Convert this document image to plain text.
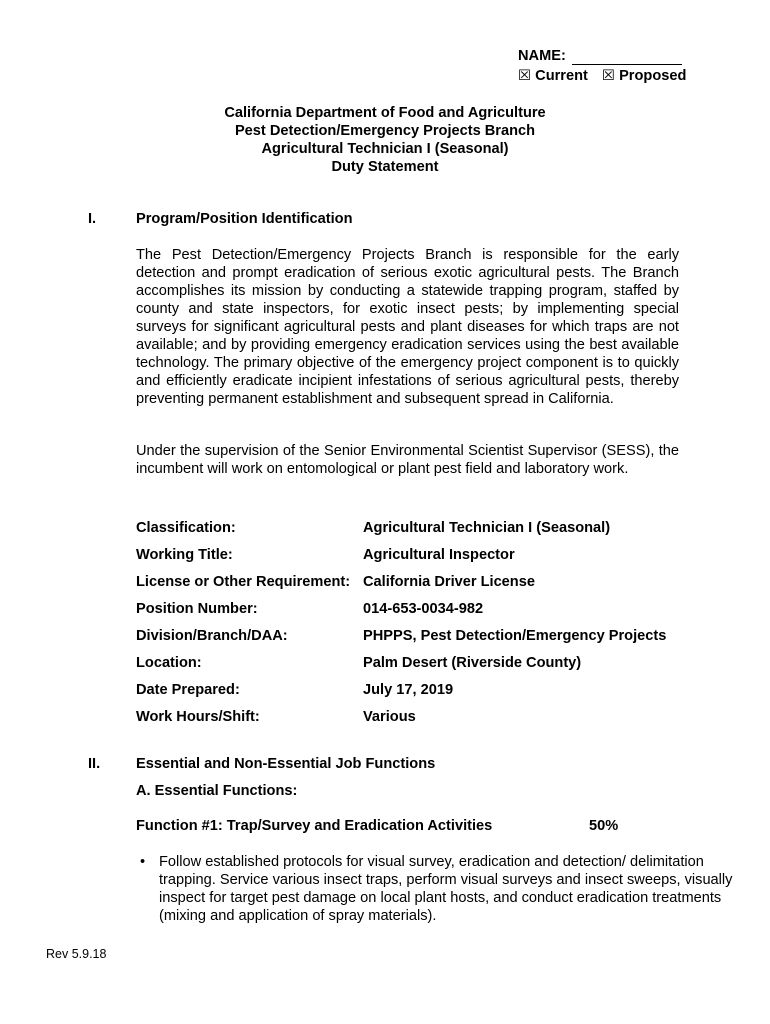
NAME:
☒ Current ☒ Proposed
California Department of Food and Agriculture
Pest Detection/Emergency Projects Branch
Agricultural Technician I (Seasonal)
Duty Statement
I.	Program/Position Identification
The Pest Detection/Emergency Projects Branch is responsible for the early detection and prompt eradication of serious exotic agricultural pests. The Branch accomplishes its mission by conducting a statewide trapping program, staffed by county and state inspectors, for exotic insect pests; by implementing special surveys for significant agricultural pests and plant diseases for which traps are not available; and by providing emergency eradication services using the best available technology. The primary objective of the emergency project component is to quickly and efficiently eradicate incipient infestations of serious agricultural pests, thereby preventing permanent establishment and subsequent spread in California.
Under the supervision of the Senior Environmental Scientist Supervisor (SESS), the incumbent will work on entomological or plant pest field and laboratory work.
Classification:	Agricultural Technician I (Seasonal)
Working Title:	Agricultural Inspector
License or Other Requirement: California Driver License
Position Number:	014-653-0034-982
Division/Branch/DAA:	PHPPS, Pest Detection/Emergency Projects
Location:	Palm Desert (Riverside County)
Date Prepared:	July 17, 2019
Work Hours/Shift:	Various
II. Essential and Non-Essential Job Functions
A. Essential Functions:
Function #1: Trap/Survey and Eradication Activities	50%
• Follow established protocols for visual survey, eradication and detection/ delimitation trapping. Service various insect traps, perform visual surveys and insect sweeps, visually inspect for target pest damage on local plant hosts, and conduct eradication treatments (mixing and application of spray materials).
Rev 5.9.18
